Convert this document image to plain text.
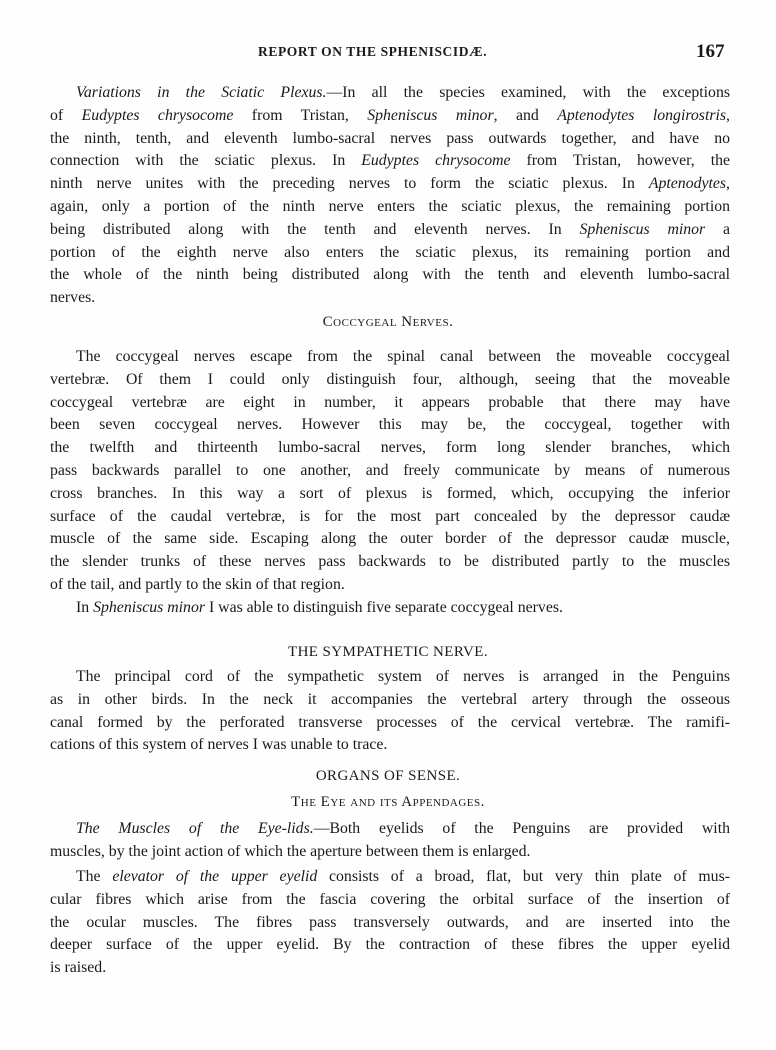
REPORT ON THE SPHENISCIDÆ.	167
Variations in the Sciatic Plexus.—In all the species examined, with the exceptions
of Eudyptes chrysocome from Tristan, Spheniscus minor, and Aptenodytes longirostris,
the ninth, tenth, and eleventh lumbo-sacral nerves pass outwards together, and have no
connection with the sciatic plexus. In Eudyptes chrysocome from Tristan, however, the
ninth nerve unites with the preceding nerves to form the sciatic plexus. In Aptenodytes,
again, only a portion of the ninth nerve enters the sciatic plexus, the remaining portion
being distributed along with the tenth and eleventh nerves. In Spheniscus minor a
portion of the eighth nerve also enters the sciatic plexus, its remaining portion and
the whole of the ninth being distributed along with the tenth and eleventh lumbo-sacral
nerves.
Coccygeal Nerves.
The coccygeal nerves escape from the spinal canal between the moveable coccygeal
vertebræ. Of them I could only distinguish four, although, seeing that the moveable
coccygeal vertebræ are eight in number, it appears probable that there may have
been seven coccygeal nerves. However this may be, the coccygeal, together with
the twelfth and thirteenth lumbo-sacral nerves, form long slender branches, which
pass backwards parallel to one another, and freely communicate by means of numerous
cross branches. In this way a sort of plexus is formed, which, occupying the inferior
surface of the caudal vertebræ, is for the most part concealed by the depressor caudæ
muscle of the same side. Escaping along the outer border of the depressor caudæ muscle,
the slender trunks of these nerves pass backwards to be distributed partly to the muscles
of the tail, and partly to the skin of that region.
In Spheniscus minor I was able to distinguish five separate coccygeal nerves.
THE SYMPATHETIC NERVE.
The principal cord of the sympathetic system of nerves is arranged in the Penguins
as in other birds. In the neck it accompanies the vertebral artery through the osseous
canal formed by the perforated transverse processes of the cervical vertebræ. The ramifi-
cations of this system of nerves I was unable to trace.
ORGANS OF SENSE.
The Eye and its Appendages.
The Muscles of the Eye-lids.—Both eyelids of the Penguins are provided with
muscles, by the joint action of which the aperture between them is enlarged.
The elevator of the upper eyelid consists of a broad, flat, but very thin plate of mus-
cular fibres which arise from the fascia covering the orbital surface of the insertion of
the ocular muscles. The fibres pass transversely outwards, and are inserted into the
deeper surface of the upper eyelid. By the contraction of these fibres the upper eyelid
is raised.
